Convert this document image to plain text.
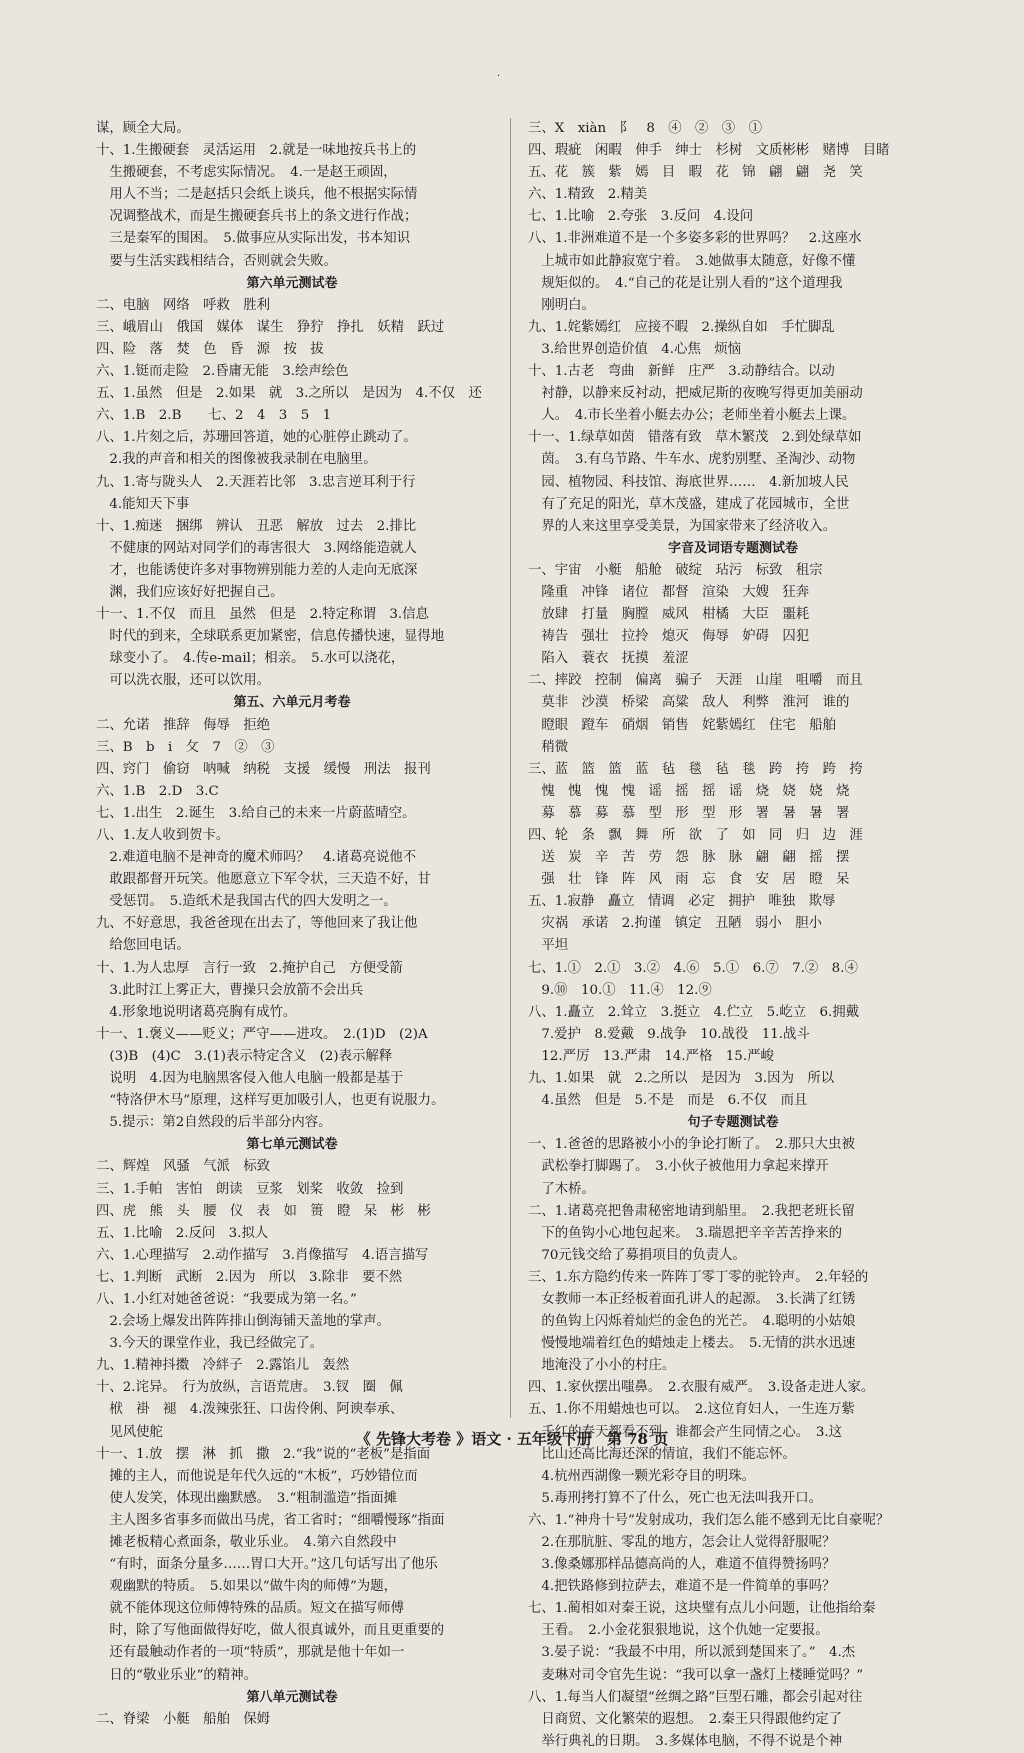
·
谋，顾全大局。
十、1.生搬硬套　灵活运用　2.就是一味地按兵书上的
　生搬硬套，不考虑实际情况。　4.一是赵王顽固，
　用人不当；二是赵括只会纸上谈兵，他不根据实际情
　况调整战术，而是生搬硬套兵书上的条文进行作战；
　三是秦军的围困。　5.做事应从实际出发，书本知识
　要与生活实践相结合，否则就会失败。
第六单元测试卷
二、电脑　网络　呼救　胜利
三、峨眉山　俄国　媒体　谋生　狰狞　挣扎　妖精　跃过
四、险　落　焚　色　昏　源　按　拔
六、1.铤而走险　2.昏庸无能　3.绘声绘色
五、1.虽然　但是　2.如果　就　3.之所以　是因为　4.不仅　还
六、1.B　2.B　　七、2　4　3　5　1
八、1.片刻之后，苏珊回答道，她的心脏停止跳动了。
　2.我的声音和相关的图像被我录制在电脑里。
九、1.寄与陇头人　2.天涯若比邻　3.忠言逆耳利于行
　4.能知天下事
十、1.痴迷　捆绑　辨认　丑恶　解放　过去　2.排比
　不健康的网站对同学们的毒害很大　3.网络能造就人
　才，也能诱使许多对事物辨别能力差的人走向无底深
　渊，我们应该好好把握自己。
十一、1.不仅　而且　虽然　但是　2.特定称谓　3.信息
　时代的到来，全球联系更加紧密，信息传播快速，显得地
　球变小了。　4.传e-mail；相亲。　5.水可以浇花，
　可以洗衣服，还可以饮用。
第五、六单元月考卷
二、允诺　推辞　侮辱　拒绝
三、B　b　i　攵　7　②　③
四、窍门　偷窃　呐喊　纳税　支援　缓慢　刑法　报刊
六、1.B　2.D　3.C
七、1.出生　2.诞生　3.给自己的未来一片蔚蓝晴空。
八、1.友人收到贺卡。
　2.难道电脑不是神奇的魔术师吗？　4.诸葛亮说他不
　敢跟都督开玩笑。他愿意立下军令状，三天造不好，甘
　受惩罚。　5.造纸术是我国古代的四大发明之一。
九、不好意思，我爸爸现在出去了，等他回来了我让他
　给您回电话。
十、1.为人忠厚　言行一致　2.掩护自己　方便受箭
　3.此时江上雾正大，曹操只会放箭不会出兵
　4.形象地说明诸葛亮胸有成竹。
十一、1.褒义——贬义；严守——进攻。　2.(1)D　(2)A
　(3)B　(4)C　3.(1)表示特定含义　(2)表示解释
　说明　4.因为电脑黑客侵入他人电脑一般都是基于
　“特洛伊木马”原理，这样写更加吸引人，也更有说服力。
　5.提示：第2自然段的后半部分内容。
第七单元测试卷
二、辉煌　风骚　气派　标致
三、1.手帕　害怕　朗读　豆浆　划桨　收敛　捡到
四、虎　熊　头　腰　仪　表　如　篑　瞪　呆　彬　彬
五、1.比喻　2.反问　3.拟人
六、1.心理描写　2.动作描写　3.肖像描写　4.语言描写
七、1.判断　武断　2.因为　所以　3.除非　要不然
八、1.小红对她爸爸说：“我要成为第一名。”
　2.会场上爆发出阵阵排山倒海铺天盖地的掌声。
　3.今天的课堂作业，我已经做完了。
九、1.精神抖擞　冷絆子　2.露馅儿　轰然
十、2.诧异。　行为放纵，言语荒唐。　3.钗　圈　佩
　栿　褂　褪　4.泼辣张狂、口齿伶俐、阿谀奉承、
　见风使舵
十一、1.放　摆　淋　抓　撒　2.“我”说的“老板”是指面
　摊的主人，而他说是年代久远的“木板”，巧妙错位而
　使人发笑，体现出幽默感。　3.“粗制滥造”指面摊
　主人图多省事多而做出马虎，省工省时；“细嚼慢琢”指面
　摊老板精心煮面条，敬业乐业。　4.第六自然段中
　“有时，面条分量多……胃口大开。”这几句话写出了他乐
　观幽默的特质。　5.如果以“做牛肉的师傅”为题，
　就不能体现这位师傅特殊的品质。短文在描写师傅
　时，除了写他面做得好吃，做人很真诚外，而且更重要的
　还有最触动作者的一项“特质”，那就是他十年如一
　日的“敬业乐业”的精神。
第八单元测试卷
二、脊梁　小艇　船舶　保姆
三、X　xiàn　阝　8　④　②　③　①
四、瑕疵　闲暇　伸手　绅士　杉树　文质彬彬　赌博　目睹
五、花　簇　紫　嫣　目　暇　花　锦　翩　翩　尧　笑
六、1.精致　2.精美
七、1.比喻　2.夸张　3.反问　4.设问
八、1.非洲难道不是一个多姿多彩的世界吗？　2.这座水
　上城市如此静寂宽宁着。　3.她做事太随意，好像不懂
　规矩似的。　4.“自己的花是让别人看的”这个道理我
　刚明白。
九、1.姹紫嫣红　应接不暇　2.操纵自如　手忙脚乱
　3.给世界创造价值　4.心焦　烦恼
十、1.古老　弯曲　新鲜　庄严　3.动静结合。以动
　衬静，以静来反衬动，把威尼斯的夜晚写得更加美丽动
　人。　4.市长坐着小艇去办公；老师坐着小艇去上课。
十一、1.绿草如茵　错落有致　草木繁茂　2.到处绿草如
　茵。　3.有乌节路、牛车水、虎豹别墅、圣淘沙、动物
　园、植物园、科技馆、海底世界……　4.新加坡人民
　有了充足的阳光，草木茂盛，建成了花园城市，全世
　界的人来这里享受美景，为国家带来了经济收入。
字音及词语专题测试卷
一、宇宙　小艇　船舱　破绽　玷污　标致　租宗
　隆重　冲锋　诸位　都督　渲染　大嫂　狂奔
　放肆　打量　胸膛　威风　柑橘　大臣　噩耗
　祷告　强壮　拉拎　熄灭　侮辱　妒碍　囚犯
　陷入　蓑衣　抚摸　羞涩
二、摔跤　控制　偏离　骗子　天涯　山崖　咀嚼　而且
　莫非　沙漠　桥梁　高粱　敌人　利弊　淮河　谁的
　瞪眼　蹬车　硝烟　销售　姹紫嫣红　住宅　船舶
　稍微
三、蓝　篮　篮　蓝　毡　毯　毡　毯　跨　挎　跨　挎
　愧　愧　愧　愧　谣　摇　摇　谣　烧　娆　娆　烧
　募　慕　募　慕　型　形　型　形　署　暑　暑　署
四、轮　条　飘　舞　所　欲　了　如　同　归　边　涯
　送　炭　辛　苦　劳　怨　脉　脉　翩　翩　摇　摆
　强　壮　锋　阵　风　雨　忘　食　安　居　瞪　呆
五、1.寂静　矗立　情调　必定　拥护　唯独　欺辱
　灾祸　承诺　2.拘谨　镇定　丑陋　弱小　胆小
　平坦
七、1.①　2.①　3.②　4.⑥　5.①　6.⑦　7.②　8.④
　9.⑩　10.①　11.④　12.⑨
八、1.矗立　2.耸立　3.挺立　4.伫立　5.屹立　6.拥戴
　7.爱护　8.爱戴　9.战争　10.战役　11.战斗
　12.严厉　13.严肃　14.严格　15.严峻
九、1.如果　就　2.之所以　是因为　3.因为　所以
　4.虽然　但是　5.不是　而是　6.不仅　而且
句子专题测试卷
一、1.爸爸的思路被小小的争论打断了。　2.那只大虫被
　武松拳打脚踢了。　3.小伙子被他用力拿起来撑开
　了木桥。
二、1.诸葛亮把鲁肃秘密地请到船里。　2.我把老班长留
　下的鱼钩小心地包起来。　3.瑞恩把辛辛苦苦挣来的
　70元钱交给了募捐项目的负责人。
三、1.东方隐约传来一阵阵丁零丁零的驼铃声。　2.年轻的
　女教师一本正经板着面孔讲人的起源。　3.长满了红锈
　的鱼钩上闪烁着灿烂的金色的光芒。　4.聪明的小姑娘
　慢慢地端着红色的蜡烛走上楼去。　5.无情的洪水迅速
　地淹没了小小的村庄。
四、1.家伙摆出嗤鼻。　2.衣服有威严。　3.设备走进人家。
五、1.你不用蜡烛也可以。　2.这位育妇人，一生连万紫
　千红的春天都看不到，谁都会产生同情之心。　3.这
　比山还高比海还深的情谊，我们不能忘怀。
　4.杭州西湖像一颗光彩夺目的明珠。
　5.毒刑拷打算不了什么，死亡也无法叫我开口。
六、1.“神舟十号”发射成功，我们怎么能不感到无比自豪呢？
　2.在那肮脏、零乱的地方，怎会让人觉得舒服呢？
　3.像桑娜那样品德高尚的人，难道不值得赞扬吗？
　4.把铁路修到拉萨去，难道不是一件简单的事吗？
七、1.蔺相如对秦王说，这块璧有点儿小问题，让他指给秦
　王看。　2.小金花狠狠地说，这个仇她一定要报。
　3.晏子说：“我最不中用，所以派到楚国来了。”　4.杰
　麦琳对司令官先生说：“我可以拿一盏灯上楼睡觉吗？”
八、1.每当人们凝望“丝绸之路”巨型石雕，都会引起对往
　日商贸、文化繁荣的遐想。　2.秦王只得跟他约定了
　举行典礼的日期。　3.多媒体电脑，不得不说是个神
《 先锋大考卷 》语文 · 五年级下册　第 78 页
